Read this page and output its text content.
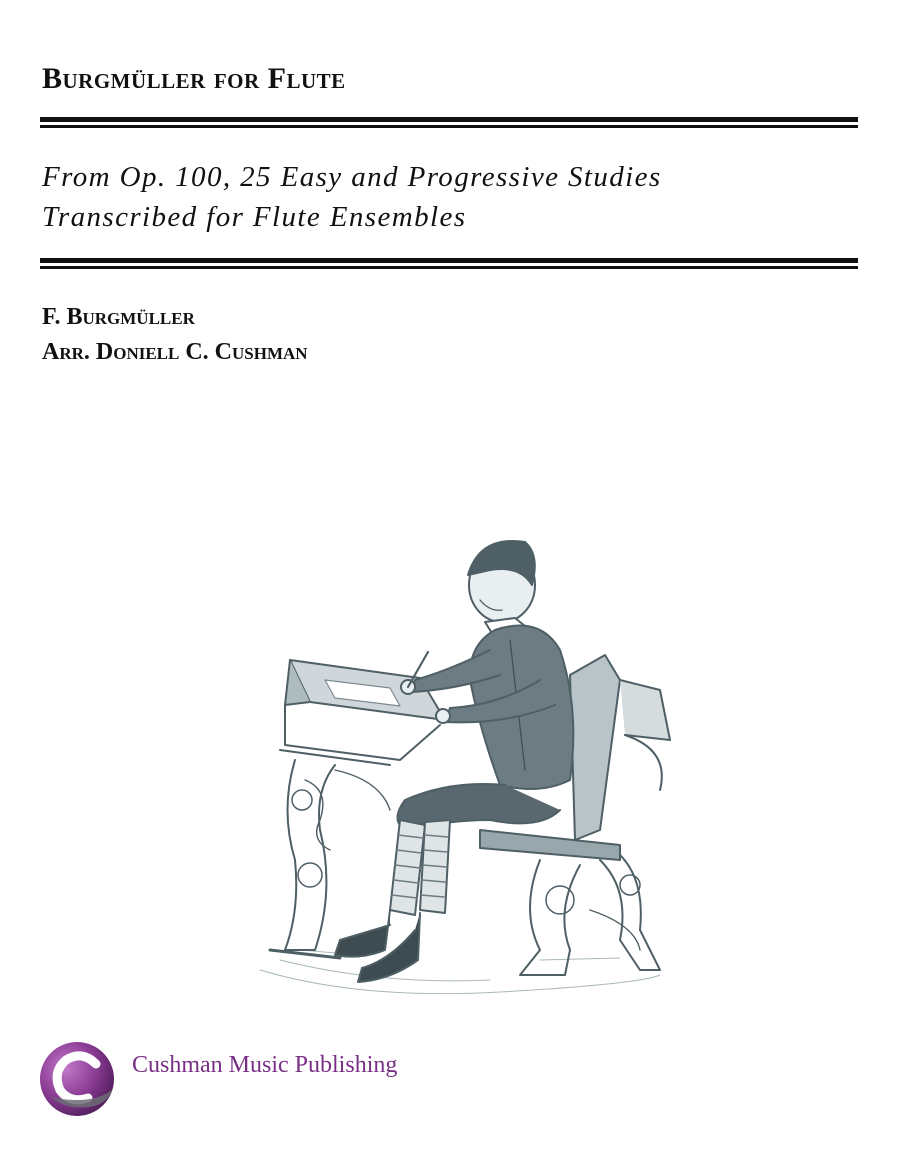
Burgmüller for Flute
From Op. 100, 25 Easy and Progressive Studies
Transcribed for Flute Ensembles
F. Burgmüller
Arr. Doniell C. Cushman
Cushman Music Publishing
